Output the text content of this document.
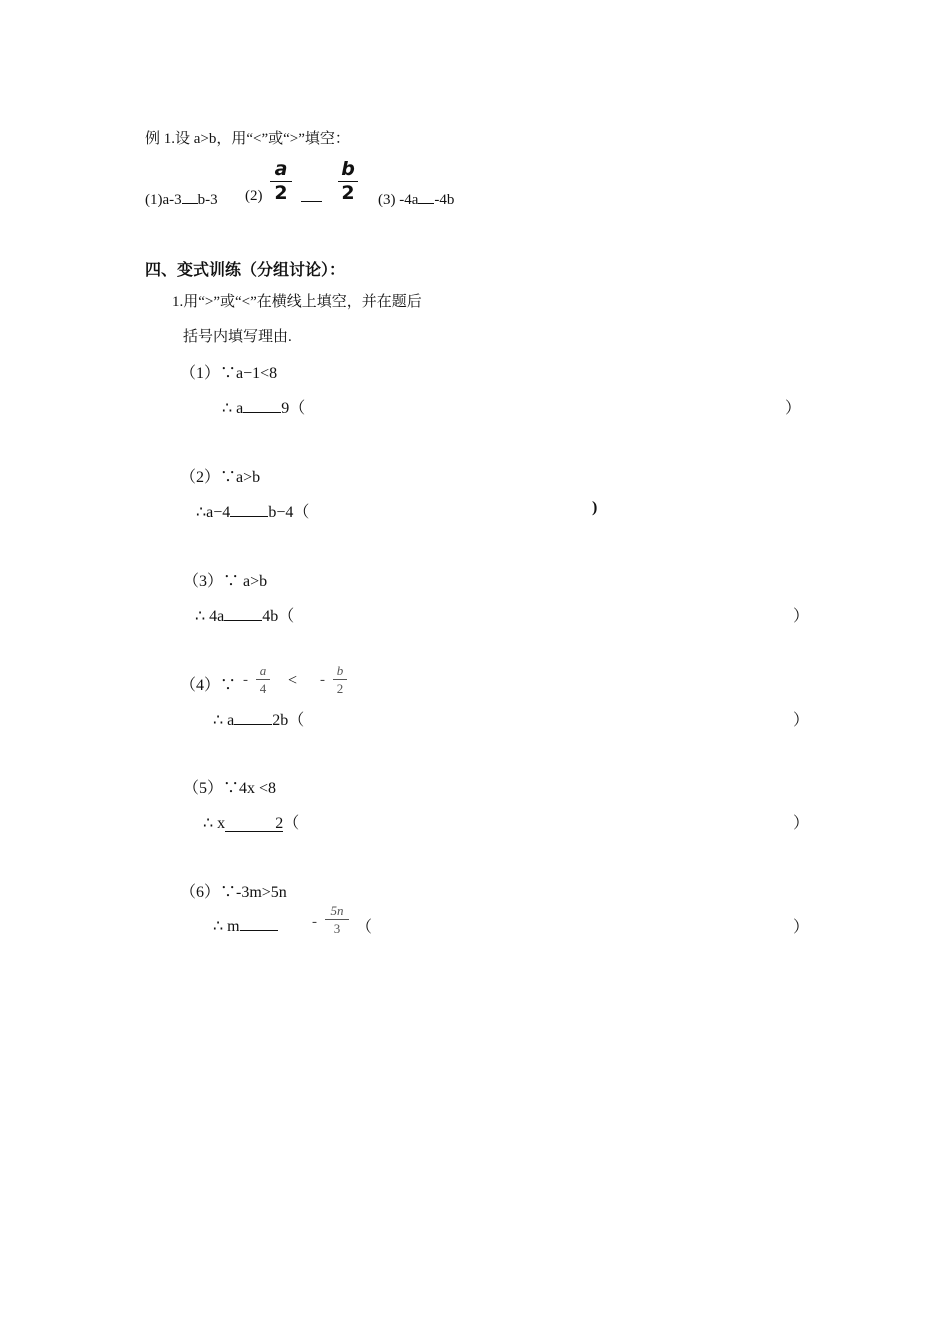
例 1.设 a>b，用“<”或“>”填空：
(1)a-3 b-3 (2)
a
2
b
2 (3) -4a -4b
四、变式训练（分组讨论）：
1.用“>”或“<”在横线上填空，并在题后
括号内填写理由.
（1）∵a−1<8
∴ a 9（	）
（2）∵a>b
∴a−4 b−4（	)
（3）∵ a>b
∴ 4a 4b（	）
（4）∵ -
a
4 < -
b
2
∴ a 2b（	）
（5）∵4x <8
∴ x	2（	）
（6）∵-3m>5n
∴ m	-
5n
3 （	）
